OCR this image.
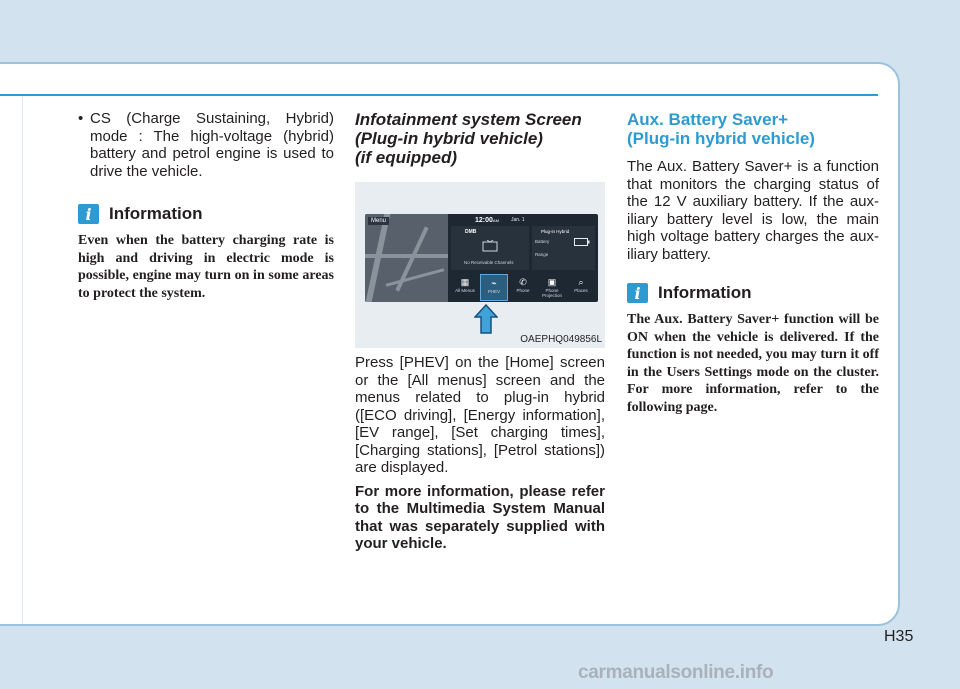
• CS (Charge Sustaining, Hybrid) mode : The high-voltage (hybrid) battery and petrol engine is used to drive the vehicle.
i	Information

Even when the battery charging rate is high and driving in electric mode is possible, engine may turn on in some areas to protect the system.

Infotainment system Screen
(Plug-in hybrid vehicle)
(if equipped)

Menu	12:00AM Jan. 1
DMB
No Receivable Channels
Plug-in Hybrid
Battery
Range
▦
All Menus
⌁
PHEV
✆
Phone
▣
Phone Projection
⌕
Places
OAEPHQ049856L

Press [PHEV] on the [Home] screen or the [All menus] screen and the menus related to plug-in hybrid ([ECO driving], [Energy information], [EV range], [Set charging times], [Charging stations], [Petrol stations]) are displayed.

For more information, please refer to the Multimedia System Manual that was separately supplied with your vehicle.

Aux. Battery Saver+
(Plug-in hybrid vehicle)

The Aux. Battery Saver+ is a function that monitors the charging status of the 12 V auxiliary battery. If the aux-iliary battery level is low, the main high voltage battery charges the aux-iliary battery.

i	Information

The Aux. Battery Saver+ function will be ON when the vehicle is delivered. If the function is not needed, you may turn it off in the Users Settings mode on the cluster. For more information, refer to the following page.

H35
carmanualsonline.info
